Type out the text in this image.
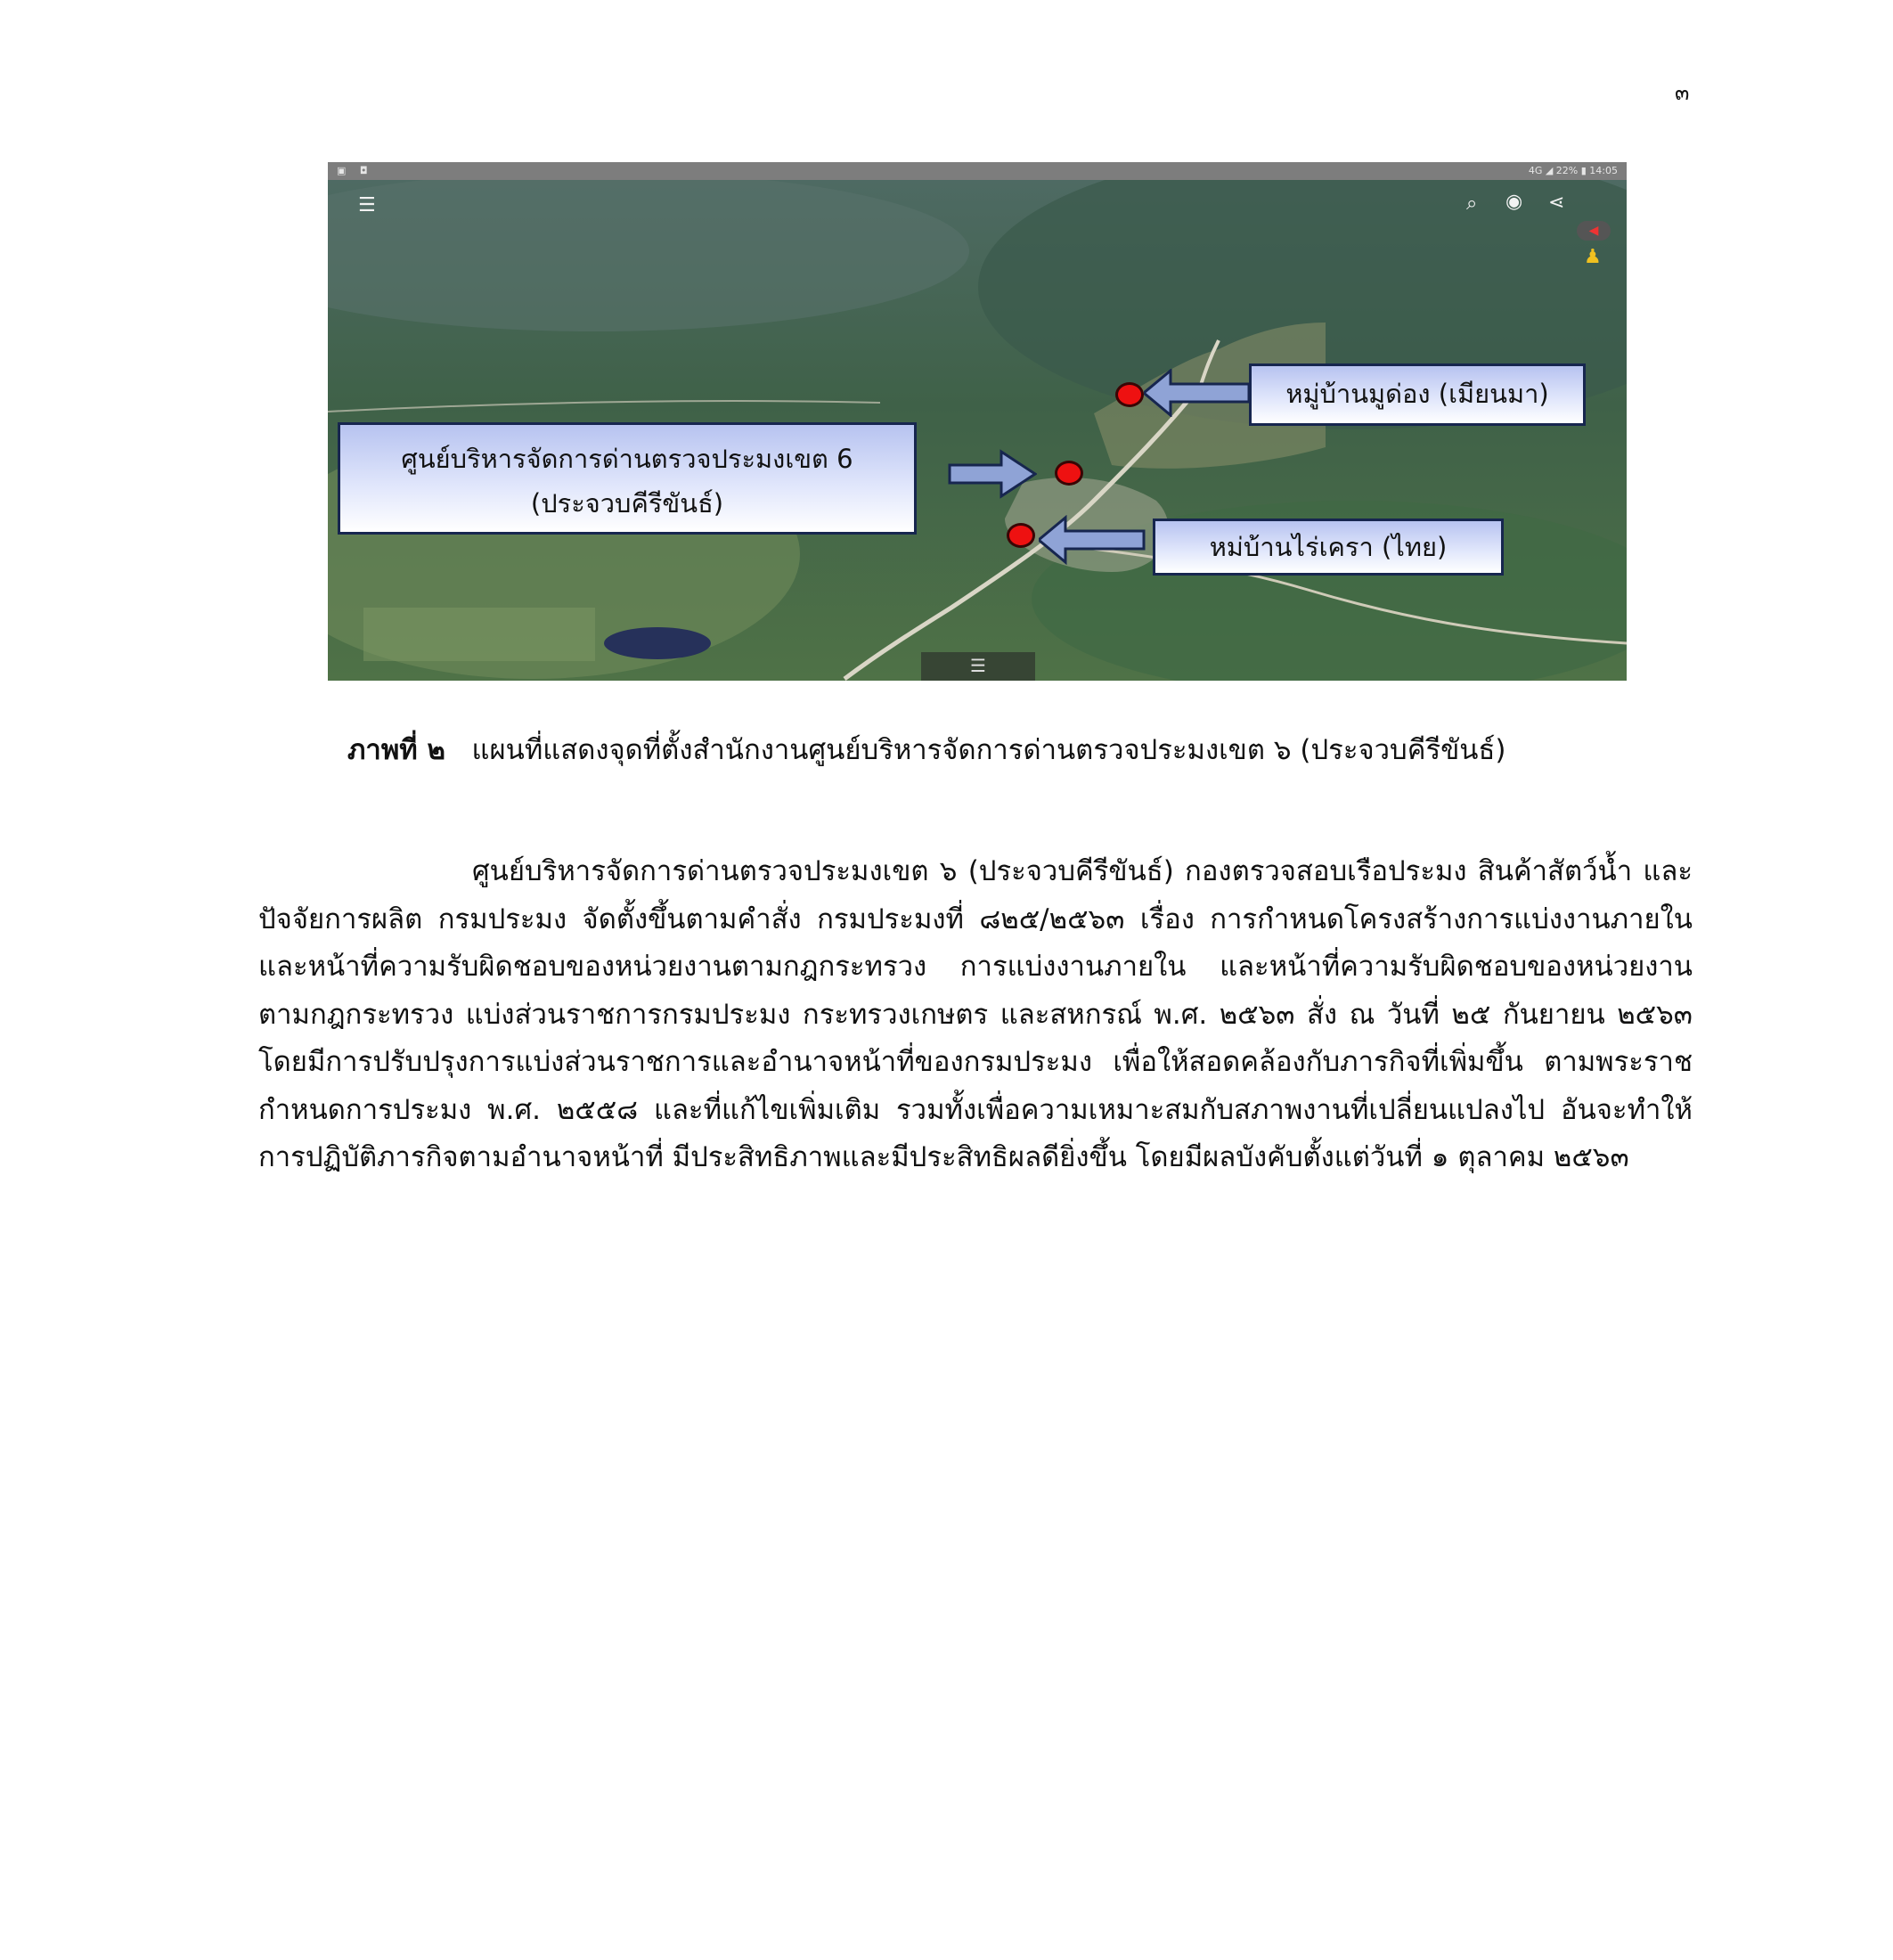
๓
▣ ◘	4G ◢ 22% ▮ 14:05
☰	⌕ ◉ ⋖
◀
♟
☰
หมู่บ้านมูด่อง (เมียนมา)
ศูนย์บริหารจัดการด่านตรวจประมงเขต 6
(ประจวบคีรีขันธ์)
หม่บ้านไร่เครา (ไทย)
ภาพที่ ๒ แผนที่แสดงจุดที่ตั้งสำนักงานศูนย์บริหารจัดการด่านตรวจประมงเขต ๖ (ประจวบคีรีขันธ์)

ศูนย์บริหารจัดการด่านตรวจประมงเขต ๖ (ประจวบคีรีขันธ์) กองตรวจสอบเรือประมง สินค้าสัตว์น้ำ และปัจจัยการผลิต กรมประมง จัดตั้งขึ้นตามคำสั่ง กรมประมงที่ ๘๒๕/๒๕๖๓ เรื่อง การกำหนดโครงสร้างการแบ่งงานภายใน และหน้าที่ความรับผิดชอบของหน่วยงานตามกฎกระทรวง การแบ่งงานภายใน และหน้าที่ความรับผิดชอบของหน่วยงานตามกฎกระทรวง แบ่งส่วนราชการกรมประมง กระทรวงเกษตร และสหกรณ์ พ.ศ. ๒๕๖๓ สั่ง ณ วันที่ ๒๕ กันยายน ๒๕๖๓ โดยมีการปรับปรุงการแบ่งส่วนราชการและอำนาจหน้าที่ของกรมประมง เพื่อให้สอดคล้องกับภารกิจที่เพิ่มขึ้น ตามพระราชกำหนดการประมง พ.ศ. ๒๕๕๘ และที่แก้ไขเพิ่มเติม รวมทั้งเพื่อความเหมาะสมกับสภาพงานที่เปลี่ยนแปลงไป อันจะทำให้การปฏิบัติภารกิจตามอำนาจหน้าที่ มีประสิทธิภาพและมีประสิทธิผลดียิ่งขึ้น โดยมีผลบังคับตั้งแต่วันที่ ๑ ตุลาคม ๒๕๖๓
